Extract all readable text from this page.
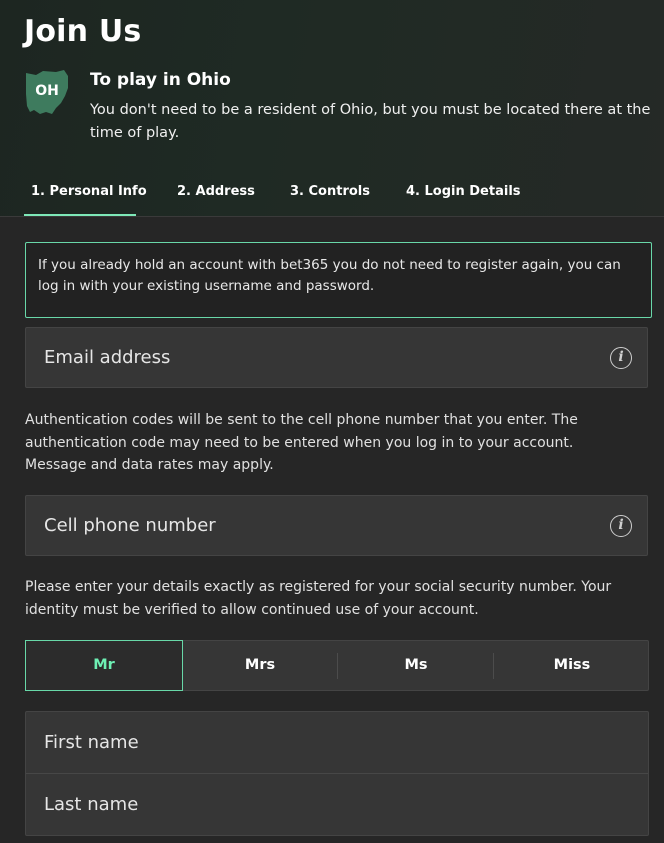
Join Us
OH
To play in Ohio
You don't need to be a resident of Ohio, but you must be located there at the time of play.
1. Personal Info 2. Address	3. Controls	4. Login Details
If you already hold an account with bet365 you do not need to register again, you can log in with your existing username and password.
Email address	i
Authentication codes will be sent to the cell phone number that you enter. The authentication code may need to be entered when you log in to your account.
Message and data rates may apply.
Cell phone number	i
Please enter your details exactly as registered for your social security number. Your identity must be verified to allow continued use of your account.
Mr	Mrs	Ms	Miss
First name
Last name
